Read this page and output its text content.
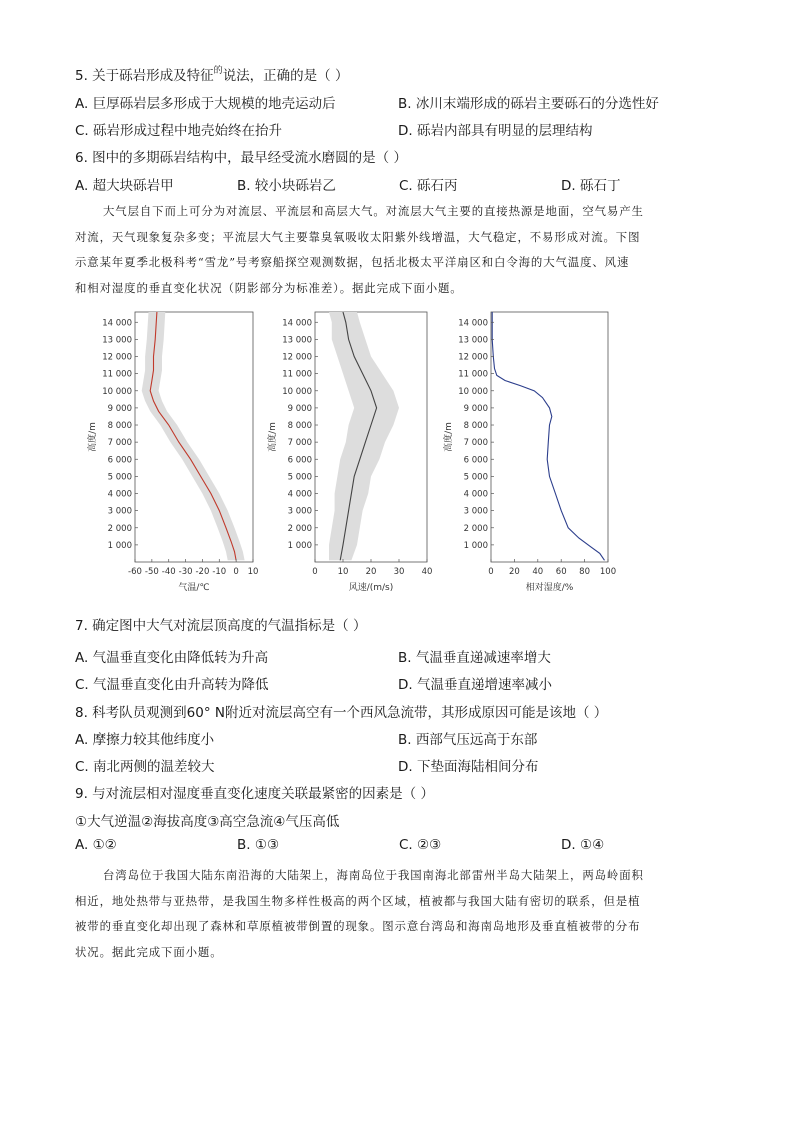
5. 关于砾岩形成及特征$^的$说法，正确的是（ ）
A. 巨厚砾岩层多形成于大规模的地壳运动后	B. 冰川末端形成的砾岩主要砾石的分选性好
C. 砾岩形成过程中地壳始终在抬升	D. 砾岩内部具有明显的层理结构
6. 图中的多期砾岩结构中，最早经受流水磨圆的是（ ）
A. 超大块砾岩甲	B. 较小块砾岩乙	C. 砾石丙	D. 砾石丁
大气层自下而上可分为对流层、平流层和高层大气。对流层大气主要的直接热源是地面，空气易产生
对流，天气现象复杂多变；平流层大气主要靠臭氧吸收太阳紫外线增温，大气稳定，不易形成对流。下图
示意某年夏季北极科考“雪龙”号考察船探空观测数据，包括北极太平洋扇区和白令海的大气温度、风速
和相对湿度的垂直变化状况（阴影部分为标准差）。据此完成下面小题。
14 000
13 000
12 000
11 000
10 000
9 000
8 000
7 000
6 000
5 000
4 000
3 000
2 000
1 000
-60 -50 -40 -30 -20 -10 0 10
气温/℃
高度/m
14 000
13 000
12 000
11 000
10 000
9 000
8 000
7 000
6 000
5 000
4 000
3 000
2 000
1 000
0 10 20 30 40
风速/(m/s)
高度/m
14 000
13 000
12 000
11 000
10 000
9 000
8 000
7 000
6 000
5 000
4 000
3 000
2 000
1 000
0 20 40 60 80 100
相对湿度/%
高度/m
7. 确定图中大气对流层顶高度的气温指标是（ ）
A. 气温垂直变化由降低转为升高	B. 气温垂直递减速率增大
C. 气温垂直变化由升高转为降低	D. 气温垂直递增速率减小
8. 科考队员观测到60° N附近对流层高空有一个西风急流带，其形成原因可能是该地（ ）
A. 摩擦力较其他纬度小	B. 西部气压远高于东部
C. 南北两侧的温差较大	D. 下垫面海陆相间分布
9. 与对流层相对湿度垂直变化速度关联最紧密的因素是（ ）
①大气逆温②海拔高度③高空急流④气压高低
A. ①②	B. ①③	C. ②③	D. ①④
台湾岛位于我国大陆东南沿海的大陆架上，海南岛位于我国南海北部雷州半岛大陆架上，两岛岭面积
相近，地处热带与亚热带，是我国生物多样性极高的两个区域，植被都与我国大陆有密切的联系，但是植
被带的垂直变化却出现了森林和草原植被带倒置的现象。图示意台湾岛和海南岛地形及垂直植被带的分布
状况。据此完成下面小题。
